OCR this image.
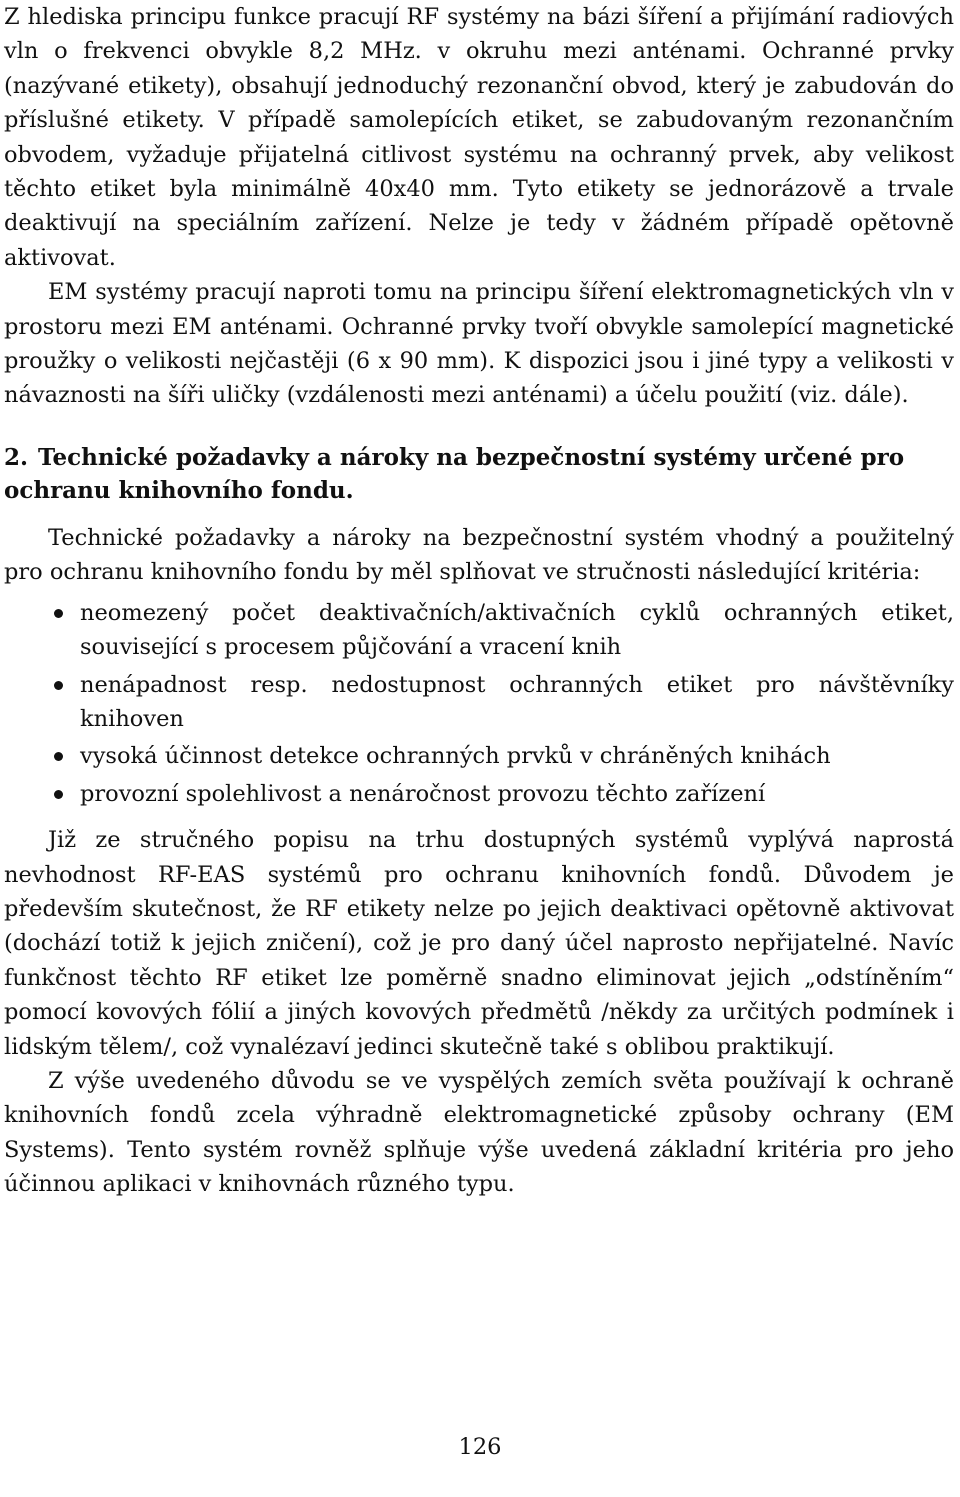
Z hlediska principu funkce pracují RF systémy na bázi šíření a přijímání radiových vln o frekvenci obvykle 8,2 MHz. v okruhu mezi anténami. Ochranné prvky (nazývané etikety), obsahují jednoduchý rezonanční obvod, který je zabudován do příslušné etikety. V případě samolepících etiket, se zabudovaným rezonančním obvodem, vyžaduje přijatelná citlivost systému na ochranný prvek, aby velikost těchto etiket byla minimálně 40x40 mm. Tyto etikety se jednorázově a trvale deaktivují na speciálním zařízení. Nelze je tedy v žádném případě opětovně aktivovat.

EM systémy pracují naproti tomu na principu šíření elektromagnetických vln v prostoru mezi EM anténami. Ochranné prvky tvoří obvykle samolepící magnetické proužky o velikosti nejčastěji (6 x 90 mm). K dispozici jsou i jiné typy a velikosti v návaznosti na šíři uličky (vzdálenosti mezi anténami) a účelu použití (viz. dále).

2. Technické požadavky a nároky na bezpečnostní systémy určené pro ochranu knihovního fondu.

Technické požadavky a nároky na bezpečnostní systém vhodný a použitelný pro ochranu knihovního fondu by měl splňovat ve stručnosti následující kritéria:

neomezený počet deaktivačních/aktivačních cyklů ochranných etiket, související s procesem půjčování a vracení knih
nenápadnost resp. nedostupnost ochranných etiket pro návštěvníky knihoven
vysoká účinnost detekce ochranných prvků v chráněných knihách
provozní spolehlivost a nenáročnost provozu těchto zařízení

Již ze stručného popisu na trhu dostupných systémů vyplývá naprostá nevhodnost RF-EAS systémů pro ochranu knihovních fondů. Důvodem je především skutečnost, že RF etikety nelze po jejich deaktivaci opětovně aktivovat (dochází totiž k jejich zničení), což je pro daný účel naprosto nepřijatelné. Navíc funkčnost těchto RF etiket lze poměrně snadno eliminovat jejich „odstíněním“ pomocí kovových fólií a jiných kovových předmětů /někdy za určitých podmínek i lidským tělem/, což vynalézaví jedinci skutečně také s oblibou praktikují.

Z výše uvedeného důvodu se ve vyspělých zemích světa používají k ochraně knihovních fondů zcela výhradně elektromagnetické způsoby ochrany (EM Systems). Tento systém rovněž splňuje výše uvedená základní kritéria pro jeho účinnou aplikaci v knihovnách různého typu.

126
